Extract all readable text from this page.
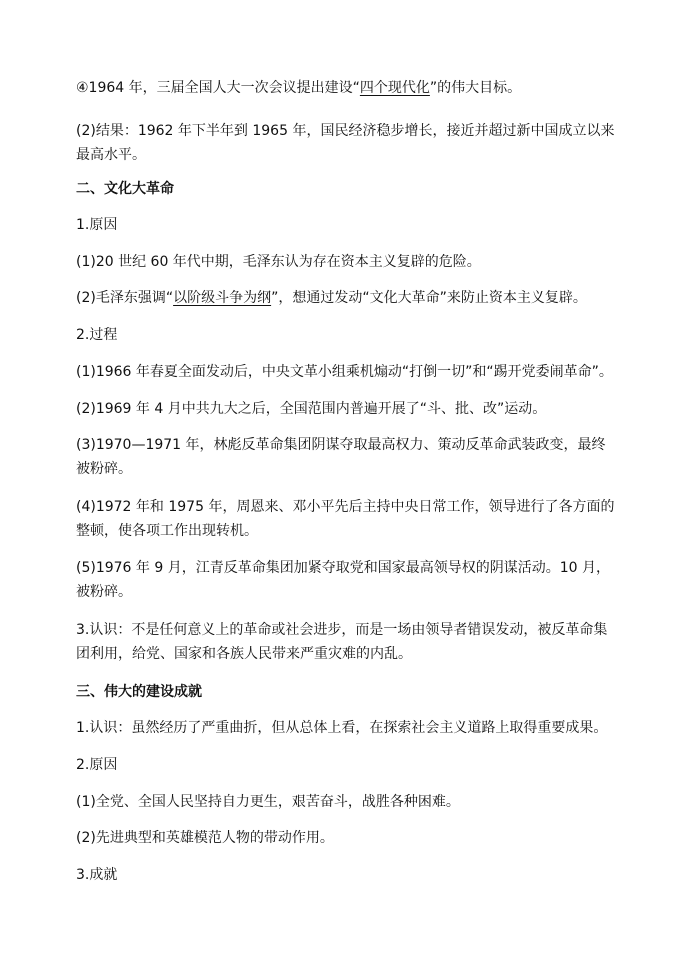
④1964 年，三届全国人大一次会议提出建设“四个现代化”的伟大目标。

(2)结果：1962 年下半年到 1965 年，国民经济稳步增长，接近并超过新中国成立以来最高水平。

二、文化大革命

1.原因

(1)20 世纪 60 年代中期，毛泽东认为存在资本主义复辟的危险。

(2)毛泽东强调“以阶级斗争为纲”，想通过发动“文化大革命”来防止资本主义复辟。

2.过程

(1)1966 年春夏全面发动后，中央文革小组乘机煽动“打倒一切”和“踢开党委闹革命”。

(2)1969 年 4 月中共九大之后，全国范围内普遍开展了“斗、批、改”运动。

(3)1970—1971 年，林彪反革命集团阴谋夺取最高权力、策动反革命武装政变，最终被粉碎。

(4)1972 年和 1975 年，周恩来、邓小平先后主持中央日常工作，领导进行了各方面的整顿，使各项工作出现转机。

(5)1976 年 9 月，江青反革命集团加紧夺取党和国家最高领导权的阴谋活动。10 月，被粉碎。

3.认识：不是任何意义上的革命或社会进步，而是一场由领导者错误发动，被反革命集团利用，给党、国家和各族人民带来严重灾难的内乱。

三、伟大的建设成就

1.认识：虽然经历了严重曲折，但从总体上看，在探索社会主义道路上取得重要成果。

2.原因

(1)全党、全国人民坚持自力更生，艰苦奋斗，战胜各种困难。

(2)先进典型和英雄模范人物的带动作用。

3.成就
